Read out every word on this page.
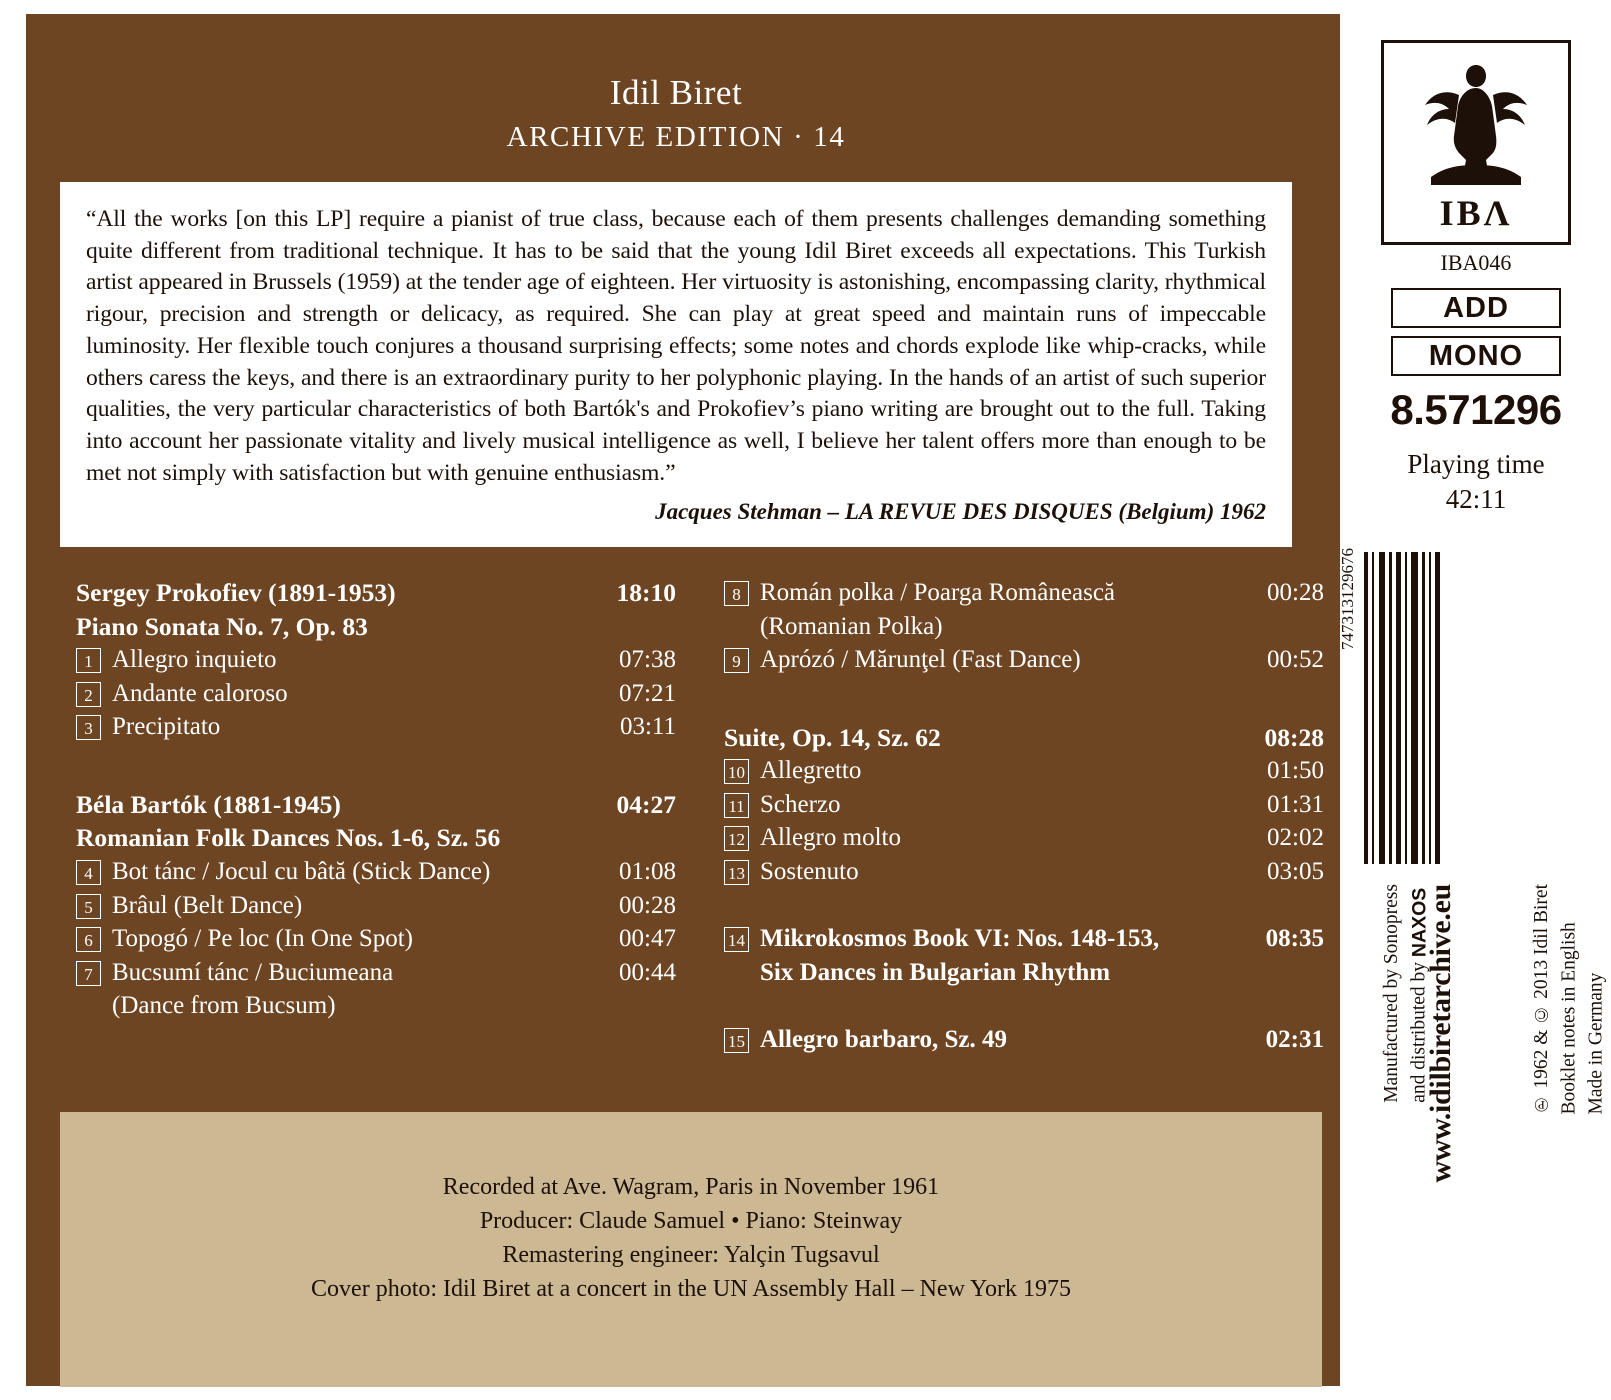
Idil Biret
ARCHIVE EDITION · 14
“All the works [on this LP] require a pianist of true class, because each of them presents challenges demanding something quite different from traditional technique. It has to be said that the young Idil Biret exceeds all expectations. This Turkish artist appeared in Brussels (1959) at the tender age of eighteen. Her virtuosity is astonishing, encompassing clarity, rhythmical rigour, precision and strength or delicacy, as required. She can play at great speed and maintain runs of impeccable luminosity. Her flexible touch conjures a thousand surprising effects; some notes and chords explode like whip-cracks, while others caress the keys, and there is an extraordinary purity to her polyphonic playing. In the hands of an artist of such superior qualities, the very particular characteristics of both Bartók's and Prokofiev’s piano writing are brought out to the full. Taking into account her passionate vitality and lively musical intelligence as well, I believe her talent offers more than enough to be met not simply with satisfaction but with genuine enthusiasm.”
Jacques Stehman – LA REVUE DES DISQUES (Belgium) 1962
Sergey Prokofiev (1891-1953)	18:10
Piano Sonata No. 7, Op. 83
1 Allegro inquieto	07:38
2 Andante caloroso	07:21
3 Precipitato	03:11
Béla Bartók (1881-1945)	04:27
Romanian Folk Dances Nos. 1-6, Sz. 56
4 Bot tánc / Jocul cu bâtă (Stick Dance)	01:08
5 Brâul (Belt Dance)	00:28
6 Topogó / Pe loc (In One Spot)	00:47
7 Bucsumí tánc / Buciumeana	00:44
(Dance from Bucsum)
8 Román polka / Poarga Românească	00:28
(Romanian Polka)
9 Aprózó / Mărunţel (Fast Dance)	00:52
Suite, Op. 14, Sz. 62	08:28
10 Allegretto	01:50
11 Scherzo	01:31
12 Allegro molto	02:02
13 Sostenuto	03:05
14 Mikrokosmos Book VI: Nos. 148-153,	08:35
Six Dances in Bulgarian Rhythm
15 Allegro barbaro, Sz. 49	02:31
Recorded at Ave. Wagram, Paris in November 1961
Producer: Claude Samuel • Piano: Steinway
Remastering engineer: Yalçin Tugsavul
Cover photo: Idil Biret at a concert in the UN Assembly Hall – New York 1975
IBΛ
IBA046
ADD
MONO
8.571296
Playing time
42:11
747313129676
www.idilbiretarchive.eu
Manufactured by Sonopress and distributed by NAXOS	℗ 1962 & © 2013 Idil Biret Booklet notes in English Made in Germany
